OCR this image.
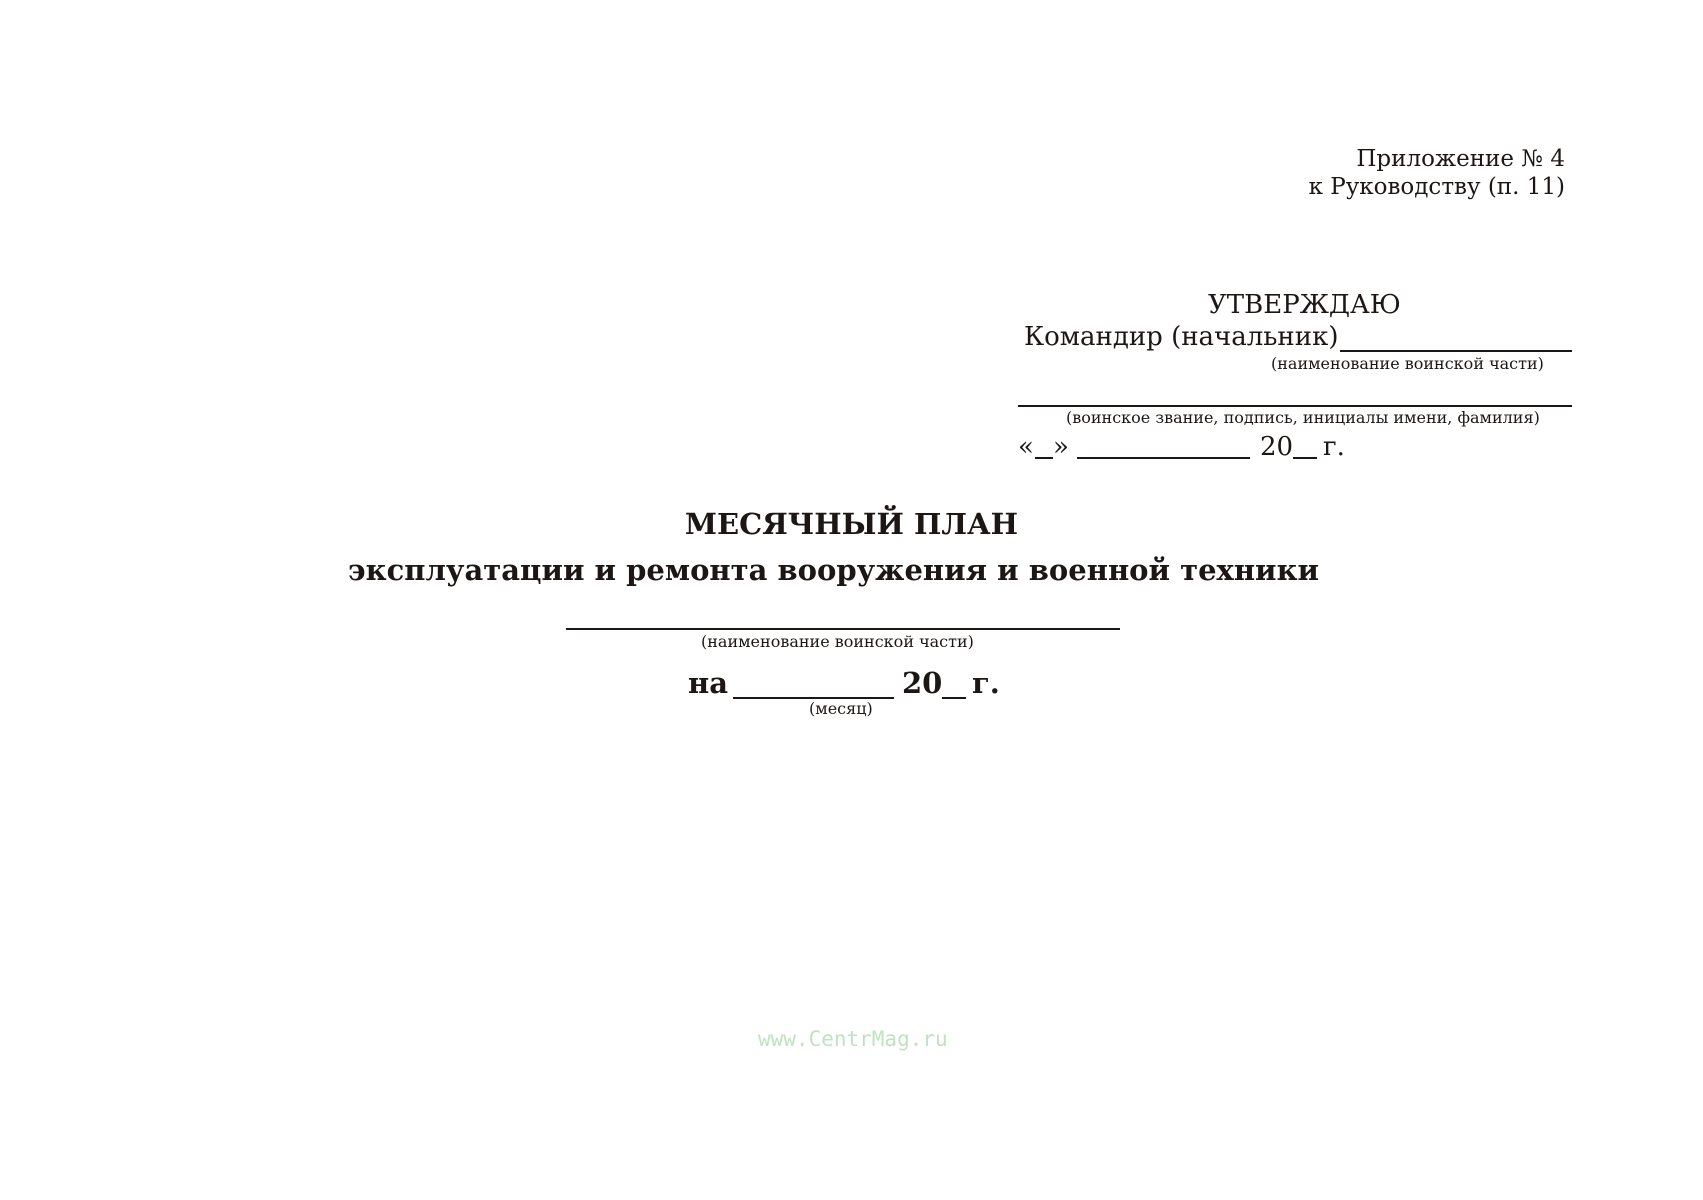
Приложение № 4
к Руководству (п. 11)
УТВЕРЖДАЮ
Командир (начальник)
(наименование воинской части)
(воинское звание, подпись, инициалы имени, фамилия)
« »	20 г.
МЕСЯЧНЫЙ ПЛАН
эксплуатации и ремонта вооружения и военной техники
(наименование воинской части)
на	20 г.
(месяц)
www.CentrMag.ru
